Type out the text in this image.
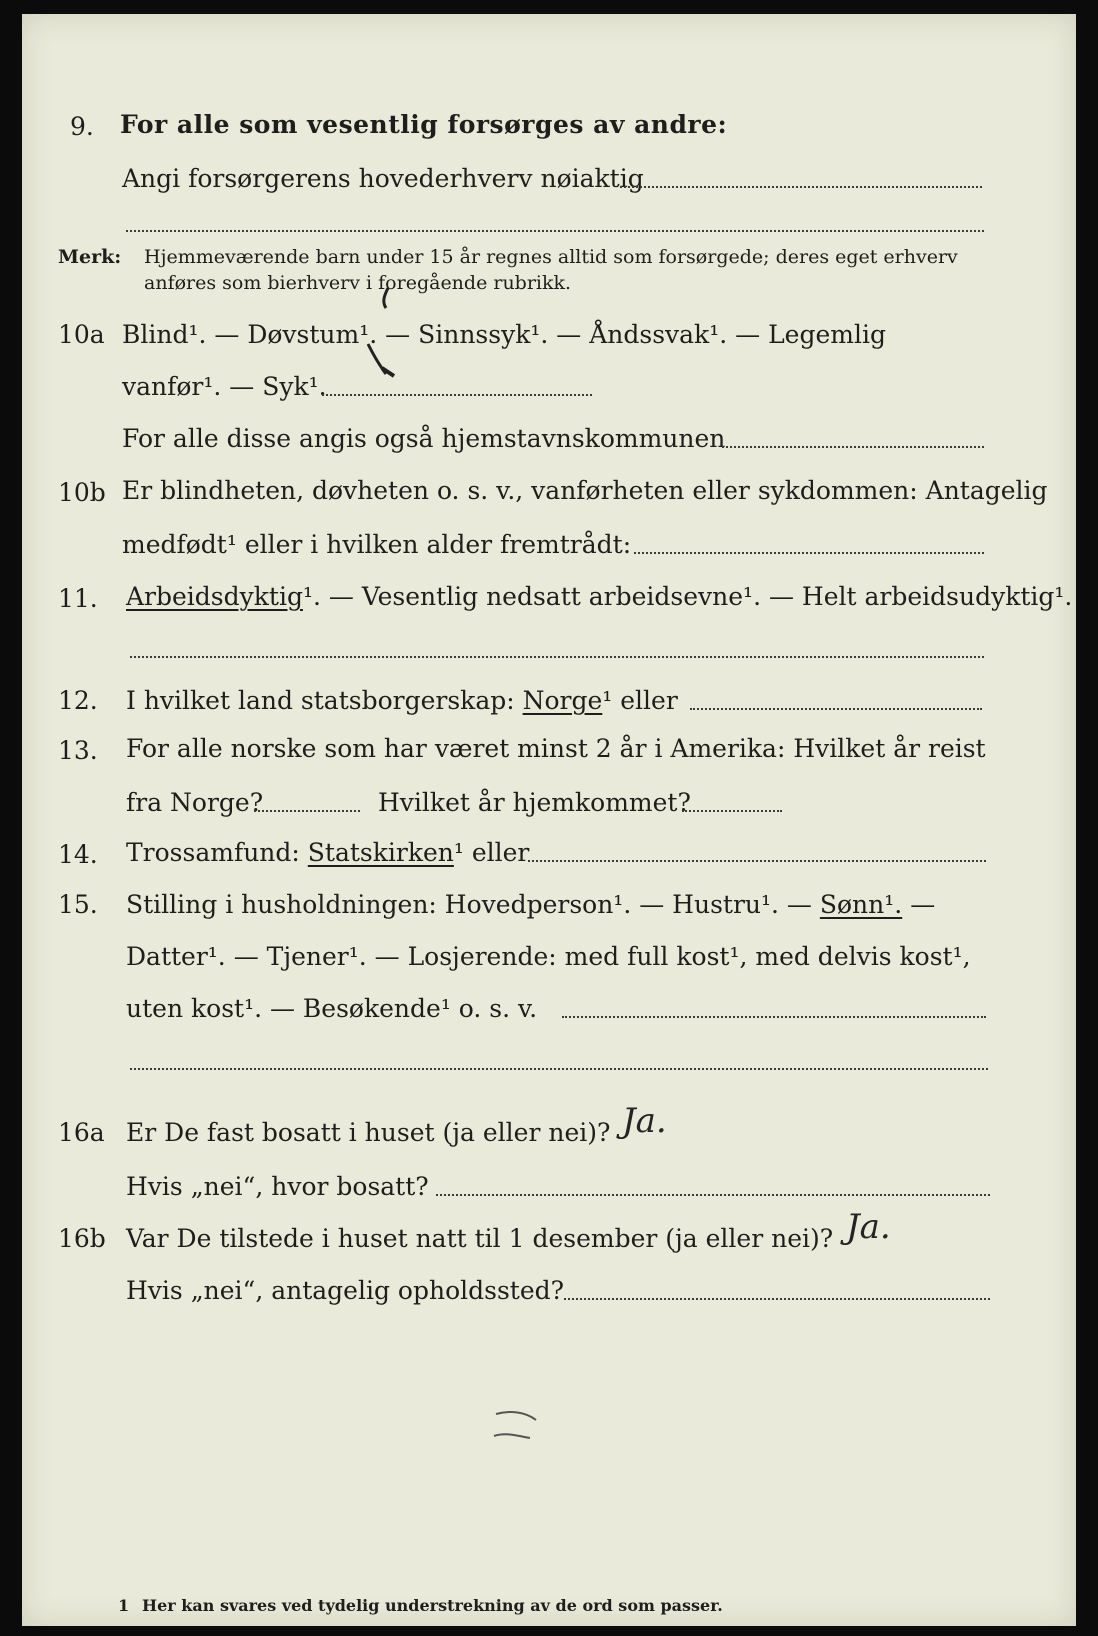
9. For alle som vesentlig forsørges av andre:
Angi forsørgerens hovederhverv nøiaktig
Merk: Hjemmeværende barn under 15 år regnes alltid som forsørgede; deres eget erhverv
anføres som bierhverv i foregående rubrikk.
10a Blind¹. — Døvstum¹. — Sinnssyk¹. — Åndssvak¹. — Legemlig
vanfør¹. — Syk¹.
For alle disse angis også hjemstavnskommunen
10b Er blindheten, døvheten o. s. v., vanførheten eller sykdommen: Antagelig
medfødt¹ eller i hvilken alder fremtrådt:
11. Arbeidsdyktig¹. — Vesentlig nedsatt arbeidsevne¹. — Helt arbeidsudyktig¹.
12. I hvilket land statsborgerskap: Norge¹ eller
13. For alle norske som har været minst 2 år i Amerika: Hvilket år reist
fra Norge?	Hvilket år hjemkommet?
14. Trossamfund: Statskirken¹ eller
15. Stilling i husholdningen: Hovedperson¹. — Hustru¹. — Sønn¹. —
Datter¹. — Tjener¹. — Losjerende: med full kost¹, med delvis kost¹,
uten kost¹. — Besøkende¹ o. s. v.
16a Er De fast bosatt i huset (ja eller nei)? Ja.
Hvis „nei“, hvor bosatt?
16b Var De tilstede i huset natt til 1 desember (ja eller nei)? Ja.
Hvis „nei“, antagelig opholdssted?
1 Her kan svares ved tydelig understrekning av de ord som passer.
